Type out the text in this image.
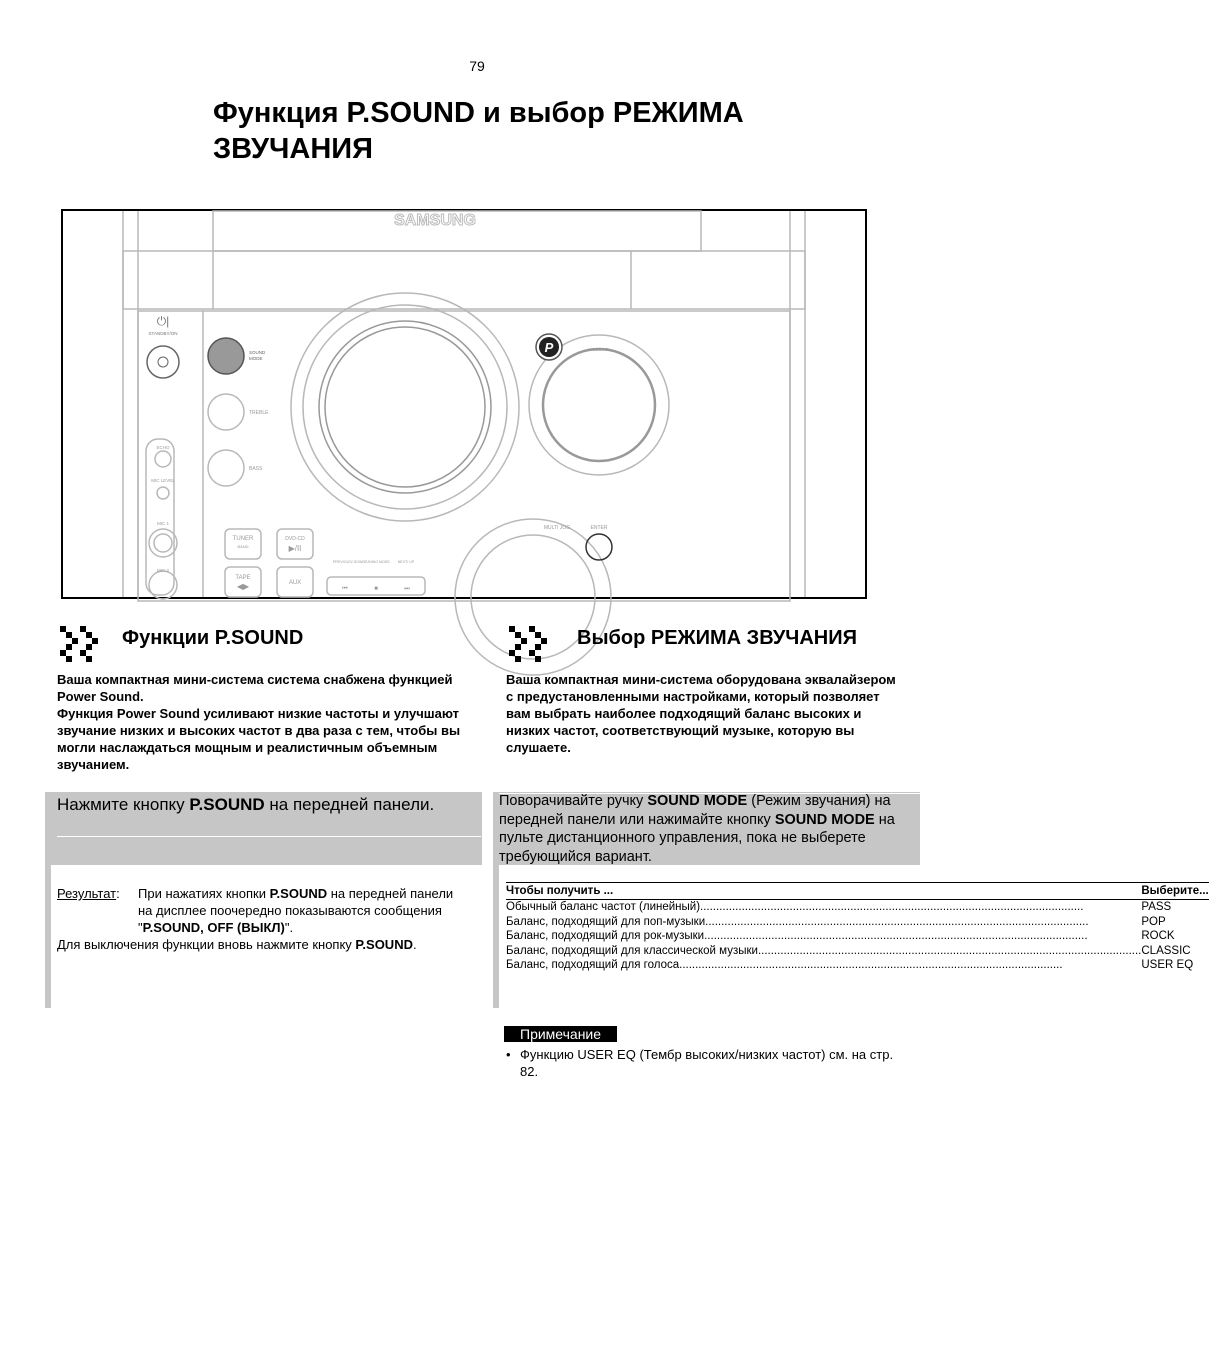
79
Функция P.SOUND и выбор РЕЖИМА ЗВУЧАНИЯ
SAMSUNG
⏻|
STANDBY/ON
SOUND
MODE
TREBLE
BASS
P	VOLUME
ECHO
MIC LEVEL
MIC 1
MIC 2
TUNER
BAND
DVD-CD
▶/II
TAPE
◀▶	AUX
PREVIOUS/ DOWN TUNING MODE NEXT/ UP
⏮	■	⏭
MULTI JOG	ENTER
Функции P.SOUND
Ваша компактная мини-система система снабжена функцией Power Sound.
Функция Power Sound усиливают низкие частоты и улучшают звучание низких и высоких частот в два раза с тем, чтобы вы могли наслаждаться мощным и реалистичным объемным звучанием.
Нажмите кнопку P.SOUND на передней панели.
Результат:	При нажатиях кнопки P.SOUND на передней панели на дисплее поочередно показываются сообщения "P.SOUND, OFF (ВЫКЛ)".
Для выключения функции вновь нажмите кнопку P.SOUND.
Выбор РЕЖИМА ЗВУЧАНИЯ
Ваша компактная мини-система оборудована эквалайзером с предустановленными настройками, который позволяет вам выбрать наиболее подходящий баланс высоких и низких частот, соответствующий музыке, которую вы слушаете.
Поворачивайте ручку SOUND MODE (Режим звучания) на передней панели или нажимайте кнопку SOUND MODE на пульте дистанционного управления, пока не выберете требующийся вариант.
Чтобы получить ...	Выберите...

Обычный баланс частот (линейный) ........................................................................................................................	PASS

Баланс, подходящий для поп-музыки ........................................................................................................................	POP

Баланс, подходящий для рок-музыки ........................................................................................................................	ROCK

Баланс, подходящий для классической музыки ........................................................................................................................	CLASSIC

Баланс, подходящий для голоса ........................................................................................................................	USER EQ
Примечание
• Функцию USER EQ (Тембр высоких/низких частот) см. на стр. 82.
